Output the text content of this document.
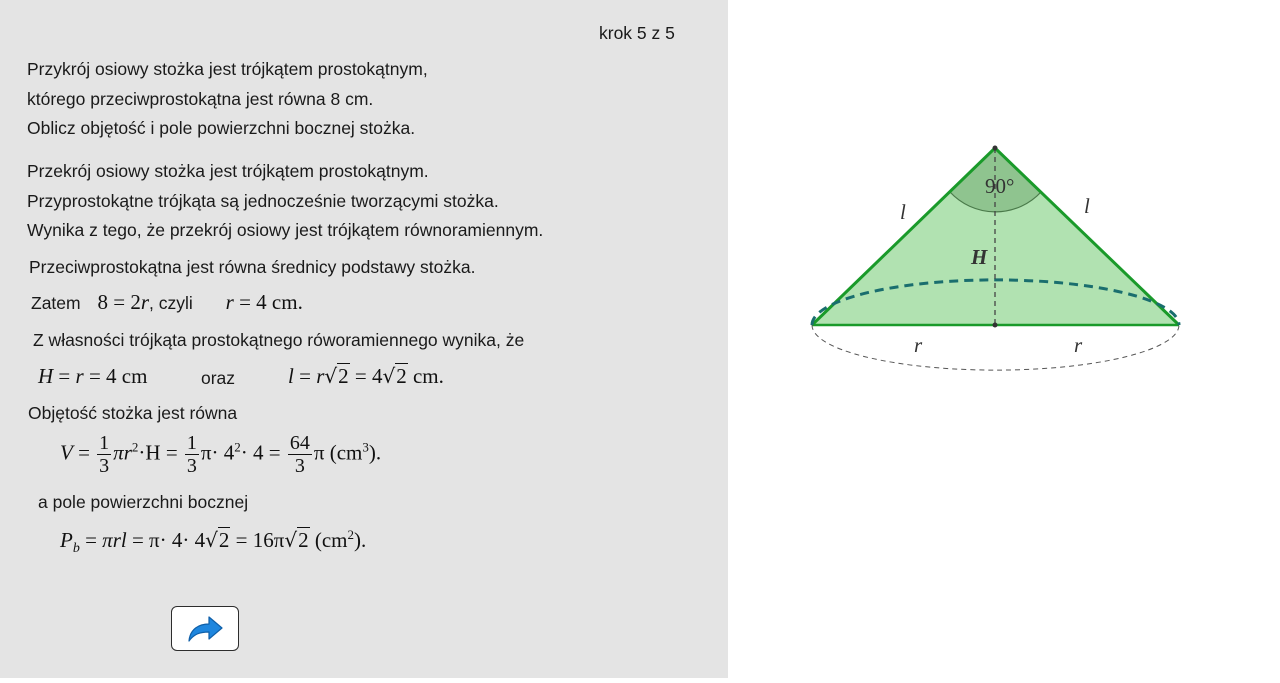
krok 5 z 5
Przykrój osiowy stożka jest trójkątem prostokątnym,
którego przeciwprostokątna jest równa 8 cm.
Oblicz objętość i pole powierzchni bocznej stożka.
Przekrój osiowy stożka jest trójkątem prostokątnym.
Przyprostokątne trójkąta są jednocześnie tworzącymi stożka.
Wynika z tego, że przekrój osiowy jest trójkątem równoramiennym.
Przeciwprostokątna jest równa średnicy podstawy stożka.
Zatem 8 = 2r, czyli r = 4 cm.
Z własności trójkąta prostokątnego róworamiennego wynika, że
H = r = 4 cm	oraz	l = r√2 = 4√2 cm.
Objętość stożka jest równa
$V = \frac{1}{3} \pi r^2\cdot H = \frac{1}{3} \pi\cdot 4^2\cdot 4 = \frac{64}{3}$ π $(cm^3)$.
a pole powierzchni bocznej
$P_b = \pi rl = \pi\cdot 4\cdot 4√2 = 16\pi√2$ $(cm^2)$.
l	l
90°
H
r	r
